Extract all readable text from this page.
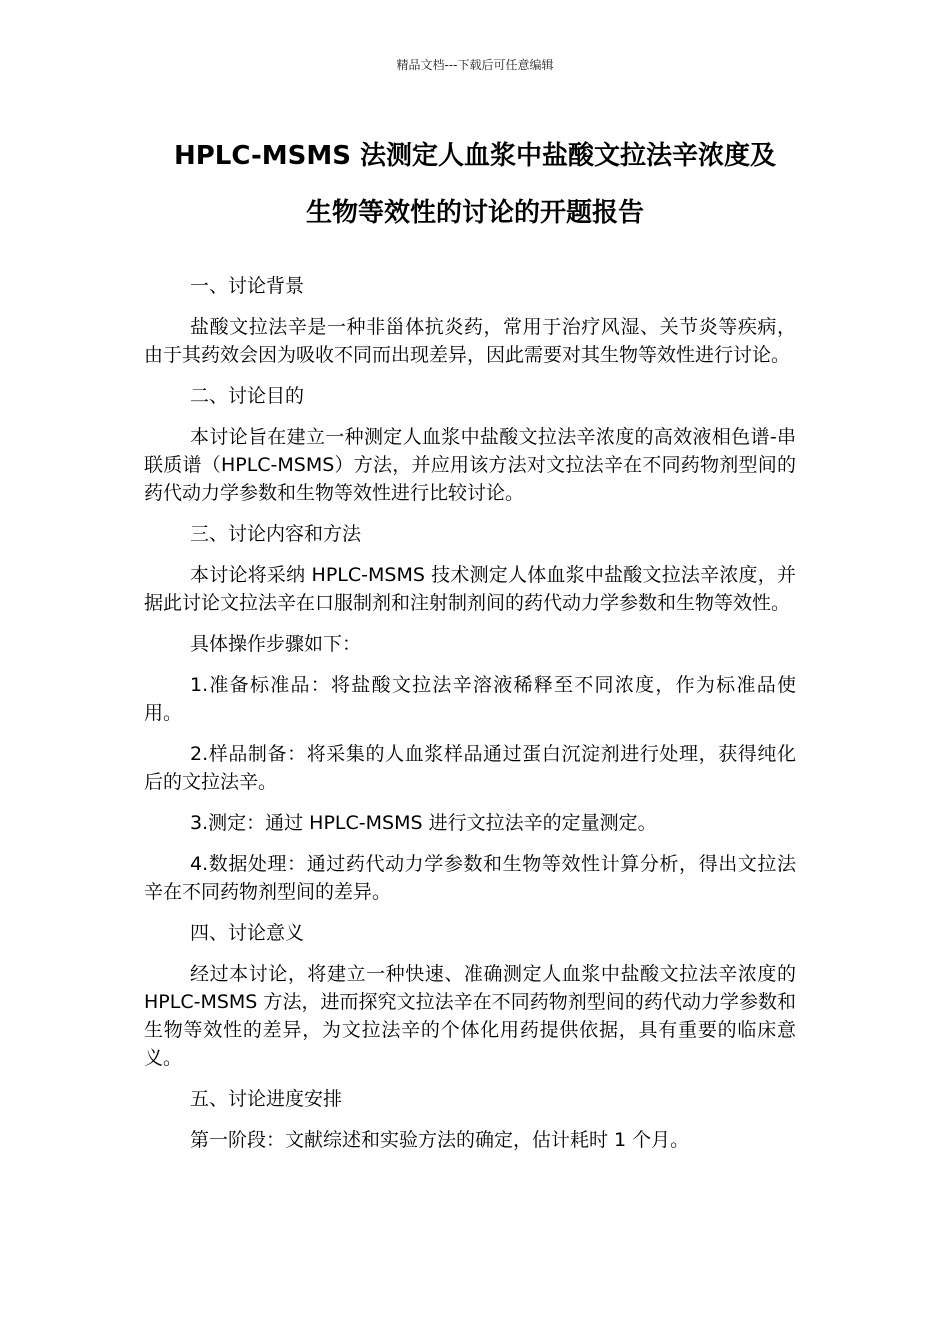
精品文档---下载后可任意编辑
HPLC-MSMS 法测定人血浆中盐酸文拉法辛浓度及
生物等效性的讨论的开题报告

一、讨论背景

盐酸文拉法辛是一种非甾体抗炎药，常用于治疗风湿、关节炎等疾病，由于其药效会因为吸收不同而出现差异，因此需要对其生物等效性进行讨论。

二、讨论目的

本讨论旨在建立一种测定人血浆中盐酸文拉法辛浓度的高效液相色谱-串联质谱（HPLC-MSMS）方法，并应用该方法对文拉法辛在不同药物剂型间的药代动力学参数和生物等效性进行比较讨论。

三、讨论内容和方法

本讨论将采纳 HPLC-MSMS 技术测定人体血浆中盐酸文拉法辛浓度，并据此讨论文拉法辛在口服制剂和注射制剂间的药代动力学参数和生物等效性。

具体操作步骤如下：

1.准备标准品：将盐酸文拉法辛溶液稀释至不同浓度，作为标准品使用。

2.样品制备：将采集的人血浆样品通过蛋白沉淀剂进行处理，获得纯化后的文拉法辛。

3.测定：通过 HPLC-MSMS 进行文拉法辛的定量测定。

4.数据处理：通过药代动力学参数和生物等效性计算分析，得出文拉法辛在不同药物剂型间的差异。

四、讨论意义

经过本讨论，将建立一种快速、准确测定人血浆中盐酸文拉法辛浓度的 HPLC-MSMS 方法，进而探究文拉法辛在不同药物剂型间的药代动力学参数和生物等效性的差异，为文拉法辛的个体化用药提供依据，具有重要的临床意义。

五、讨论进度安排

第一阶段：文献综述和实验方法的确定，估计耗时 1 个月。
